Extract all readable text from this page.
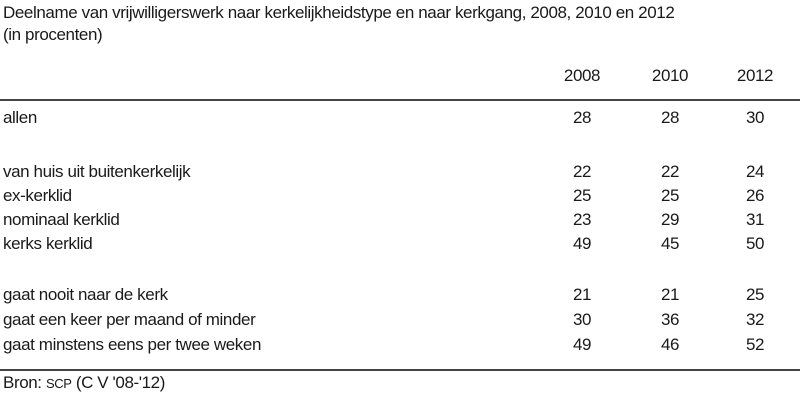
Deelname van vrijwilligerswerk naar kerkelijkheidstype en naar kerkgang, 2008, 2010 en 2012
(in procenten)
2008	2010	2012
allen	28	28	30
van huis uit buitenkerkelijk	22	22	24
ex-kerklid	25	25	26
nominaal kerklid	23	29	31
kerks kerklid	49	45	50
gaat nooit naar de kerk	21	21	25
gaat een keer per maand of minder	30	36	32
gaat minstens eens per twee weken	49	46	52
Bron: SCP (C V '08-'12)
